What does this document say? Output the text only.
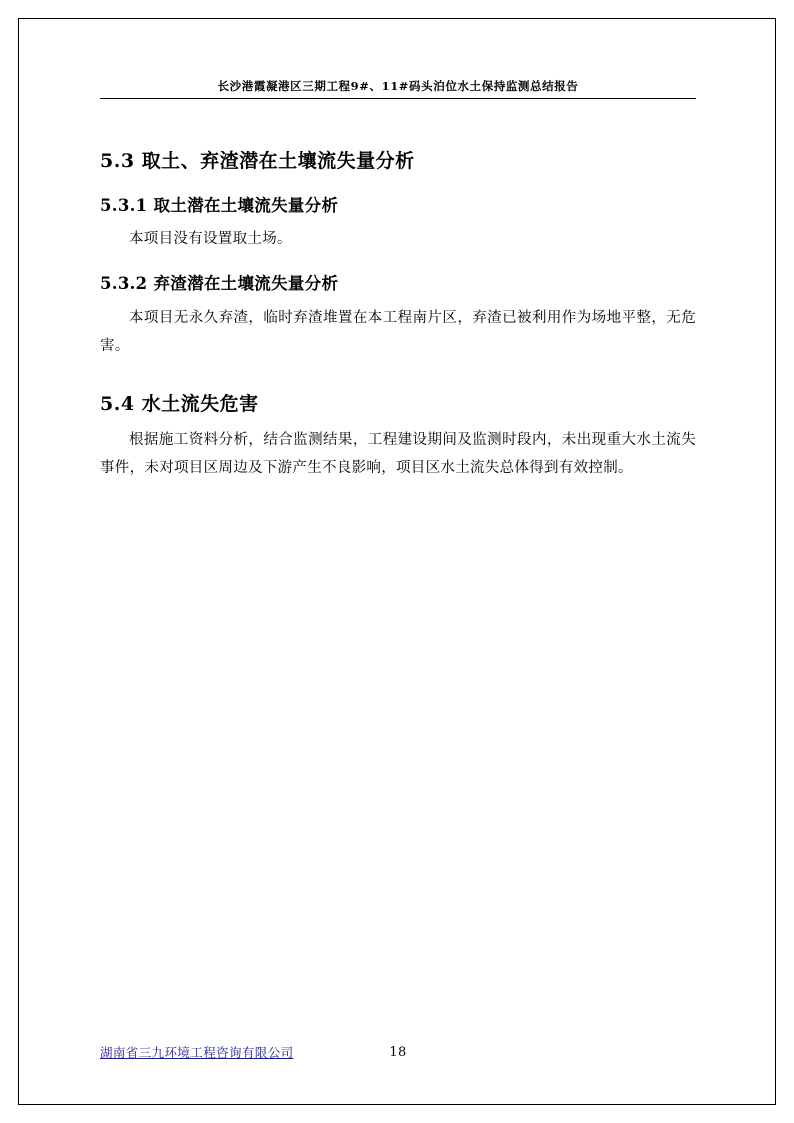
长沙港霞凝港区三期工程9#、11#码头泊位水土保持监测总结报告
5.3 取土、弃渣潜在土壤流失量分析
5.3.1 取土潜在土壤流失量分析

本项目没有设置取土场。

5.3.2 弃渣潜在土壤流失量分析

本项目无永久弃渣，临时弃渣堆置在本工程南片区，弃渣已被利用作为场地平整，无危害。

5.4 水土流失危害

根据施工资料分析，结合监测结果，工程建设期间及监测时段内，未出现重大水土流失事件，未对项目区周边及下游产生不良影响，项目区水土流失总体得到有效控制。

湖南省三九环境工程咨询有限公司	18
